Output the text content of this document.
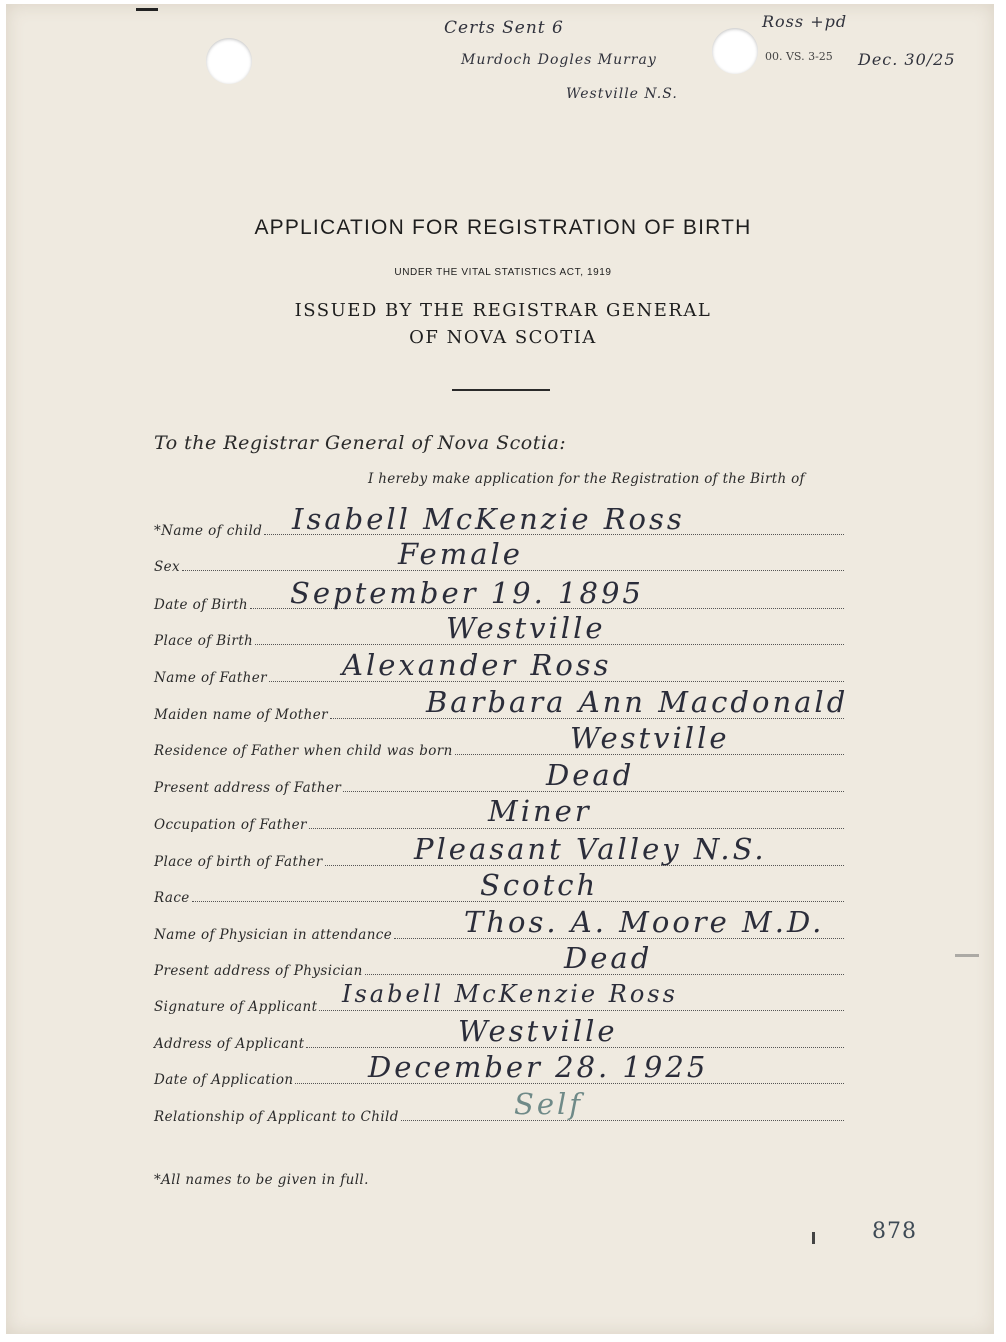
Certs Sent 6
Murdoch Dogles Murray
Westville N.S.
Ross +pd
Dec. 30/25
00. VS. 3-25
APPLICATION FOR REGISTRATION OF BIRTH
UNDER THE VITAL STATISTICS ACT, 1919
ISSUED BY THE REGISTRAR GENERAL
OF NOVA SCOTIA
To the Registrar General of Nova Scotia:
I hereby make application for the Registration of the Birth of
*Name of child
Sex
Date of Birth
Place of Birth
Name of Father
Maiden name of Mother
Residence of Father when child was born
Present address of Father
Occupation of Father
Place of birth of Father
Race
Name of Physician in attendance
Present address of Physician
Signature of Applicant
Address of Applicant
Date of Application
Relationship of Applicant to Child
Isabell McKenzie Ross
Female
September 19. 1895
Westville
Alexander Ross
Barbara Ann Macdonald
Westville
Dead
Miner
Pleasant Valley N.S.
Scotch
Thos. A. Moore M.D.
Dead
Isabell McKenzie Ross
Westville
December 28. 1925
Self
*All names to be given in full.
878
